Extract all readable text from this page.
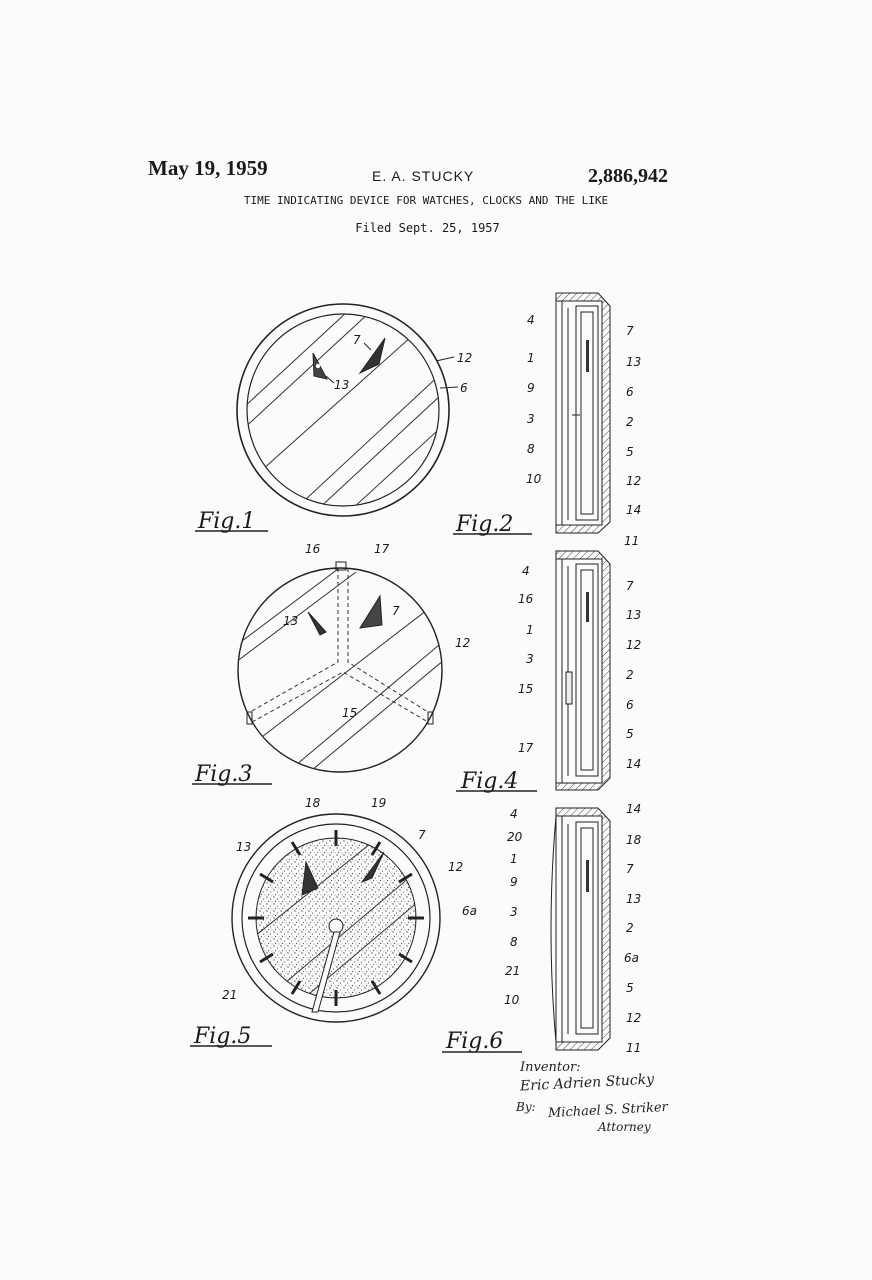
May 19, 1959	E. A. STUCKY	2,886,942
TIME INDICATING DEVICE FOR WATCHES, CLOCKS AND THE LIKE
Filed Sept. 25, 1957
7
12
13	6
Fig.1
4
7
1	13
9	6
3	2
8	5
10	12
14
11
Fig.2
16	17
13
7
12
15
Fig.3
4
7
16
13
1
12
3
2
15
6
5
17
14
Fig.4
18	19
13
7
12
6a
21
Fig.5
4	14
20	18
1
7
9
13
3
2
8
6a
21
5
10
12
11
Fig.6
Inventor:
Eric Adrien Stucky
By: Michael S. Striker
Attorney
